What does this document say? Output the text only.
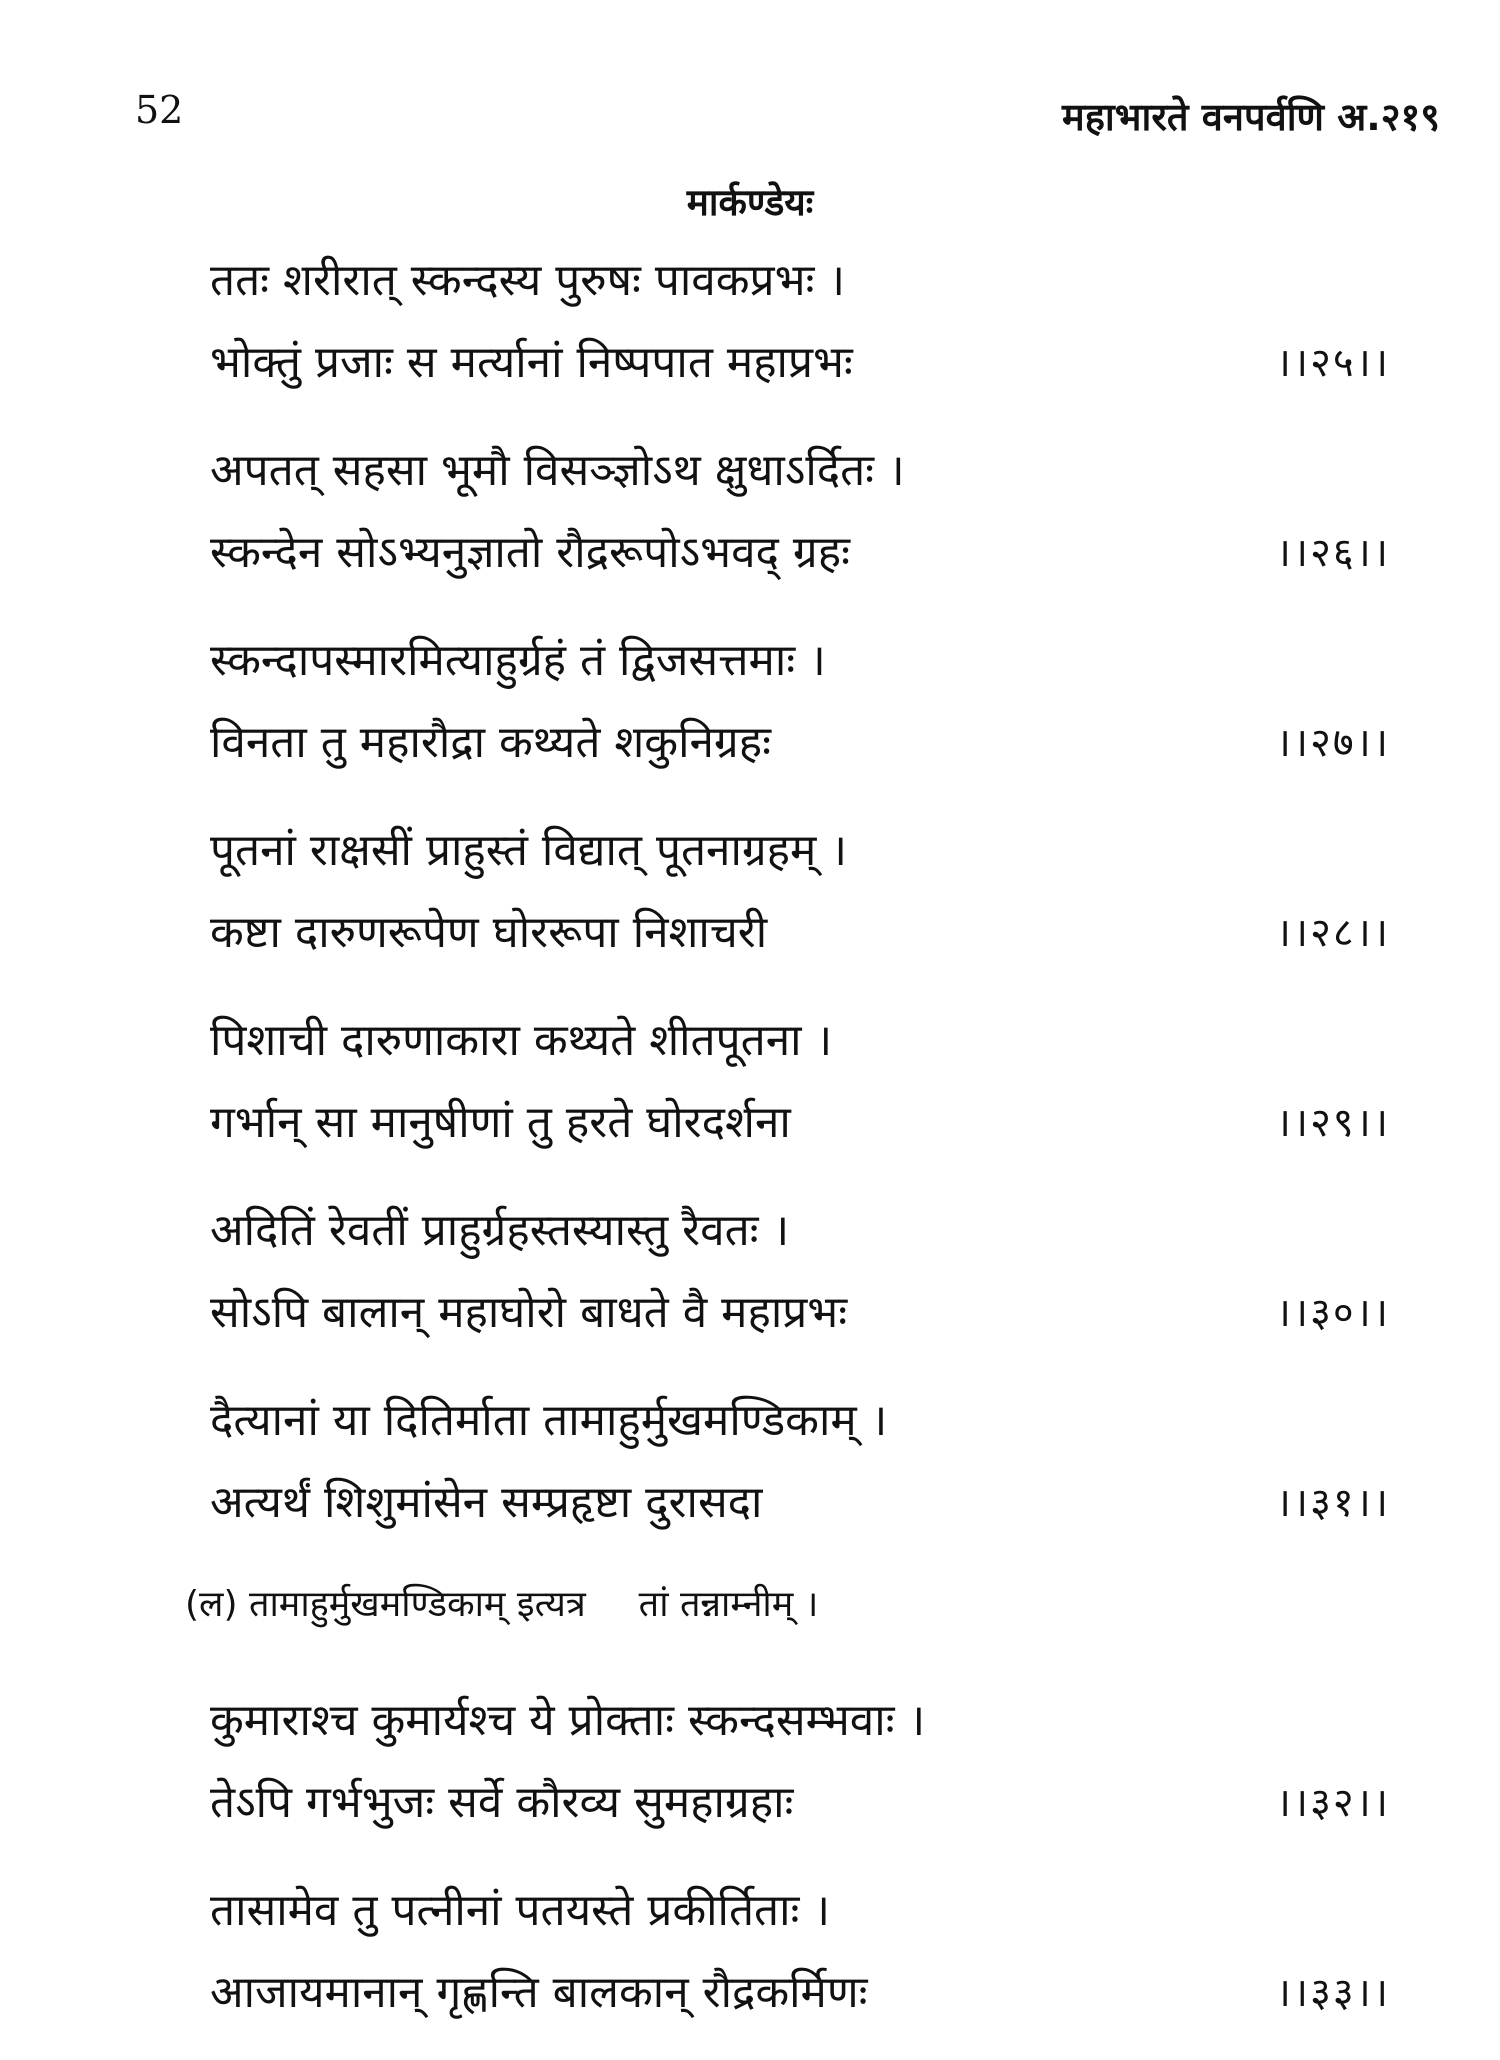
52	महाभारते वनपर्वणि अ.२१९
मार्कण्डेयः
ततः शरीरात् स्कन्दस्य पुरुषः पावकप्रभः ।
भोक्तुं प्रजाः स मर्त्यानां निष्पपात महाप्रभः	।।२५।।
अपतत् सहसा भूमौ विसञ्ज्ञोऽथ क्षुधाऽर्दितः ।
स्कन्देन सोऽभ्यनुज्ञातो रौद्ररूपोऽभवद् ग्रहः	।।२६।।
स्कन्दापस्मारमित्याहुर्ग्रहं तं द्विजसत्तमाः ।
विनता तु महारौद्रा कथ्यते शकुनिग्रहः	।।२७।।
पूतनां राक्षसीं प्राहुस्तं विद्यात् पूतनाग्रहम् ।
कष्टा दारुणरूपेण घोररूपा निशाचरी	।।२८।।
पिशाची दारुणाकारा कथ्यते शीतपूतना ।
गर्भान् सा मानुषीणां तु हरते घोरदर्शना	।।२९।।
अदितिं रेवतीं प्राहुर्ग्रहस्तस्यास्तु रैवतः ।
सोऽपि बालान् महाघोरो बाधते वै महाप्रभः	।।३०।।
दैत्यानां या दितिर्माता तामाहुर्मुखमण्डिकाम् ।
अत्यर्थं शिशुमांसेन सम्प्रहृष्टा दुरासदा	।।३१।।
(ल) तामाहुर्मुखमण्डिकाम् इत्यत्र तां तन्नाम्नीम् ।
कुमाराश्च कुमार्यश्च ये प्रोक्ताः स्कन्दसम्भवाः ।
तेऽपि गर्भभुजः सर्वे कौरव्य सुमहाग्रहाः	।।३२।।
तासामेव तु पत्नीनां पतयस्ते प्रकीर्तिताः ।
आजायमानान् गृह्णन्ति बालकान् रौद्रकर्मिणः	।।३३।।
